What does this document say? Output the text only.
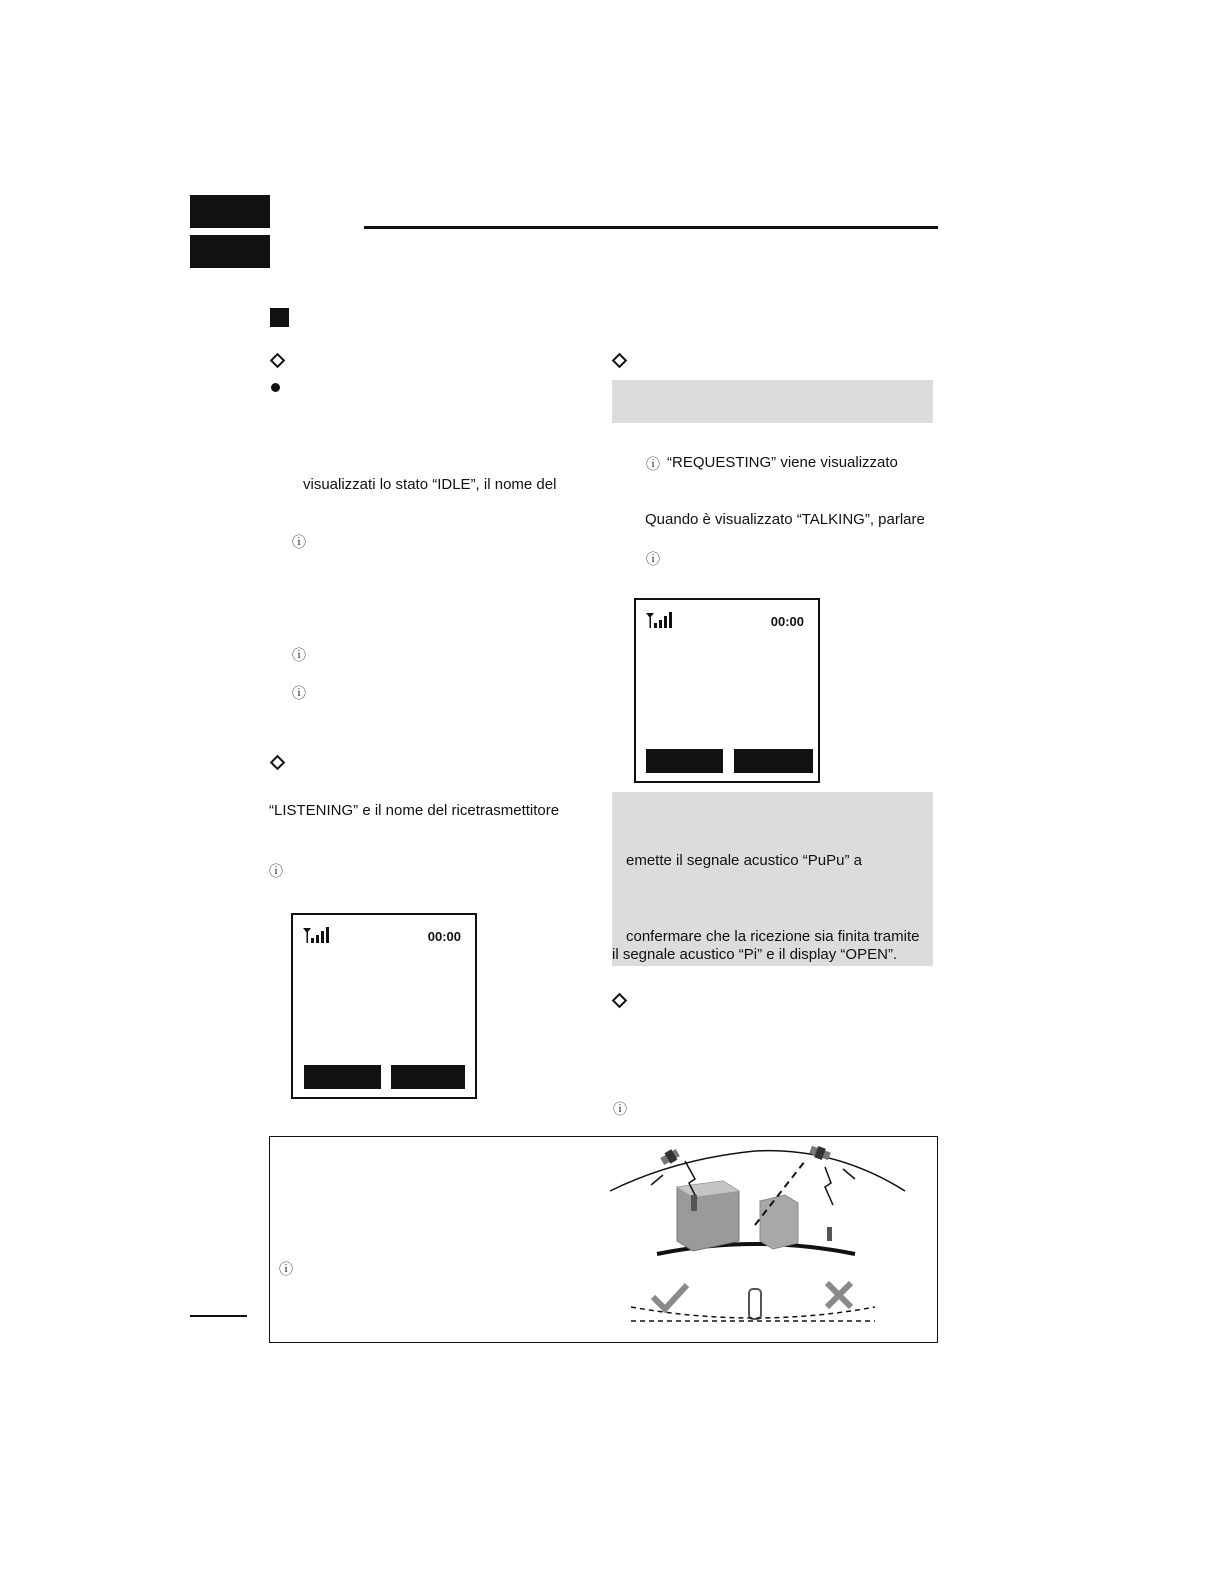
visualizzati lo stato “IDLE”, il nome del
ⓘ
ⓘ
ⓘ
“LISTENING” e il nome del ricetrasmettitore
ⓘ
00:00
ⓘ “REQUESTING” viene visualizzato
Quando è visualizzato “TALKING”, parlare
ⓘ
00:00
emette il segnale acustico “PuPu” a
confermare che la ricezione sia finita tramite
il segnale acustico “Pi” e il display “OPEN”.
ⓘ
ⓘ
